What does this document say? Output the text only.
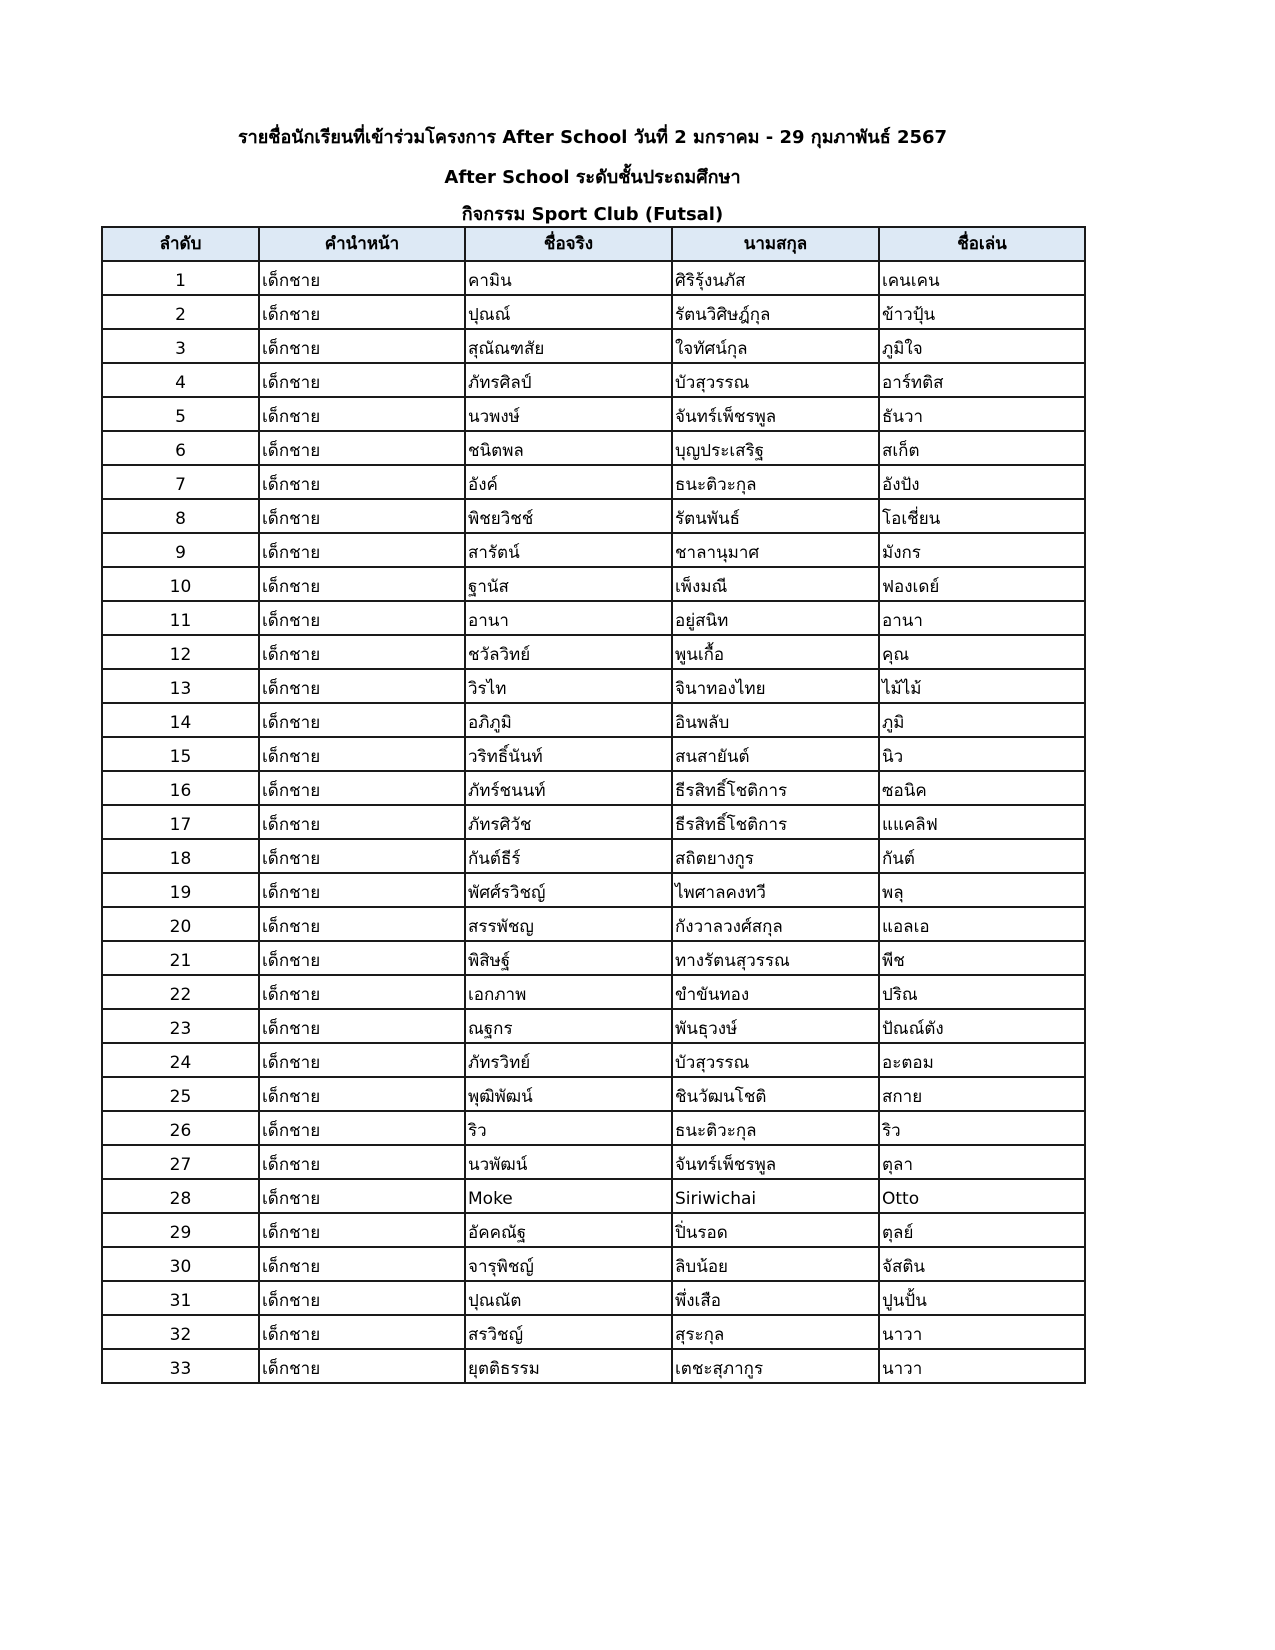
รายชื่อนักเรียนที่เข้าร่วมโครงการ After School วันที่ 2 มกราคม - 29 กุมภาพันธ์ 2567
After School ระดับชั้นประถมศึกษา
กิจกรรม Sport Club (Futsal)
ลำดับ	คำนำหน้า	ชื่อจริง	นามสกุล	ชื่อเล่น
1	เด็กชาย	คามิน	ศิริรุ้งนภัส	เคนเคน
2	เด็กชาย	ปุณณ์	รัตนวิศิษฎ์กุล	ข้าวปุ้น
3	เด็กชาย	สุณัณฑสัย	ใจทัศน์กุล	ภูมิใจ
4	เด็กชาย	ภัทรศิลป์	บัวสุวรรณ	อาร์ทติส
5	เด็กชาย	นวพงษ์	จันทร์เพ็ชรพูล	ธันวา
6	เด็กชาย	ชนิตพล	บุญประเสริฐ	สเก็ต
7	เด็กชาย	อังค์	ธนะติวะกุล	อังปัง
8	เด็กชาย	พิชยวิชช์	รัตนพันธ์	โอเชี่ยน
9	เด็กชาย	สารัตน์	ชาลานุมาศ	มังกร
10	เด็กชาย	ฐานัส	เพ็งมณี	ฟองเดย์
11	เด็กชาย	อานา	อยู่สนิท	อานา
12	เด็กชาย	ชวัลวิทย์	พูนเกื้อ	คุณ
13	เด็กชาย	วิรไท	จินาทองไทย	ไม้ไม้
14	เด็กชาย	อภิภูมิ	อินพลับ	ภูมิ
15	เด็กชาย	วริทธิ์นันท์	สนสายันต์	นิว
16	เด็กชาย	ภัทร์ชนนท์	ธีรสิทธิ์โชติการ	ซอนิค
17	เด็กชาย	ภัทรศิวัช	ธีรสิทธิ์โชติการ	แแคลิฟ
18	เด็กชาย	กันต์ธีร์	สถิตยางกูร	กันต์
19	เด็กชาย	พัศศ์รวิชญ์	ไพศาลคงทวี	พลุ
20	เด็กชาย	สรรพัชญ	กังวาลวงศ์สกุล	แอลเอ
21	เด็กชาย	พิสิษฐ์	ทางรัตนสุวรรณ	พีช
22	เด็กชาย	เอกภาพ	ขำขันทอง	ปริณ
23	เด็กชาย	ณฐกร	พันธุวงษ์	ปัณณ์ตัง
24	เด็กชาย	ภัทรวิทย์	บัวสุวรรณ	อะตอม
25	เด็กชาย	พุฒิพัฒน์	ชินวัฒนโชติ	สกาย
26	เด็กชาย	ริว	ธนะติวะกุล	ริว
27	เด็กชาย	นวพัฒน์	จันทร์เพ็ชรพูล	ตุลา
28	เด็กชาย	Moke	Siriwichai	Otto
29	เด็กชาย	อัคคณัฐ	ปิ่นรอด	ตุลย์
30	เด็กชาย	จารุพิชญ์	ลิบน้อย	จัสติน
31	เด็กชาย	ปุณณัต	พึ่งเสือ	ปูนปั้น
32	เด็กชาย	สรวิชญ์	สุระกุล	นาวา
33	เด็กชาย	ยุตติธรรม	เตชะสุภากูร	นาวา
